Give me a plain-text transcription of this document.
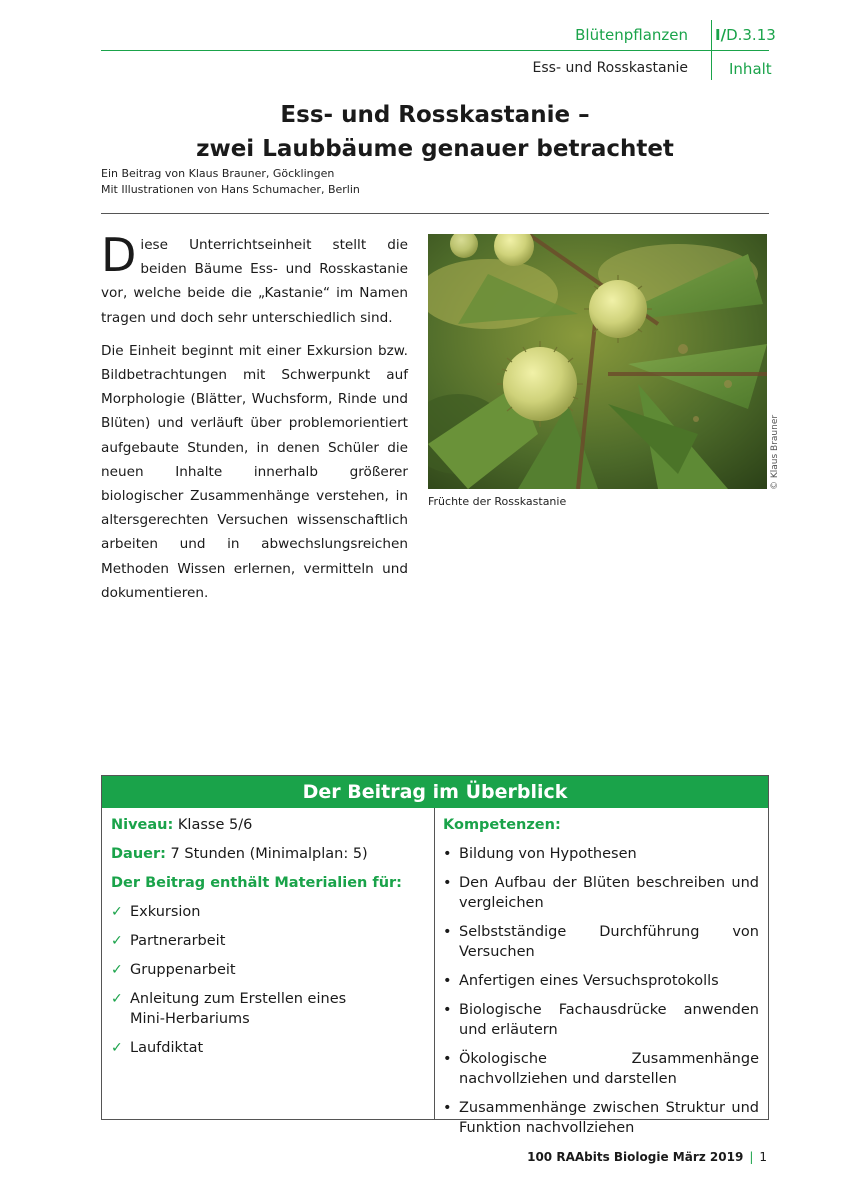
Blütenpflanzen I/D.3.13
Ess- und Rosskastanie	Inhalt
Ess- und Rosskastanie –
zwei Laubbäume genauer betrachtet
Ein Beitrag von Klaus Brauner, Göcklingen
Mit Illustrationen von Hans Schumacher, Berlin

Diese Unterrichtseinheit stellt die beiden Bäume Ess- und Rosskastanie vor, welche beide die „Kastanie“ im Namen tragen und doch sehr unterschiedlich sind.

Die Einheit beginnt mit einer Exkursion bzw. Bildbetrachtungen mit Schwerpunkt auf Morphologie (Blätter, Wuchsform, Rinde und Blüten) und verläuft über problemorientiert aufgebaute Stunden, in denen Schüler die neuen Inhalte innerhalb größerer biologischer Zusammenhänge verstehen, in altersgerechten Versuchen wissenschaftlich arbeiten und in abwechslungsreichen Methoden Wissen erlernen, vermitteln und dokumentieren.

Früchte der Rosskastanie
© Klaus Brauner
Der Beitrag im Überblick
Niveau: Klasse 5/6
Dauer: 7 Stunden (Minimalplan: 5)
Der Beitrag enthält Materialien für:
✓ Exkursion
✓ Partnerarbeit
✓ Gruppenarbeit
✓ Anleitung zum Erstellen eines Mini-Herbariums
✓ Laufdiktat
Kompetenzen:
• Bildung von Hypothesen
• Den Aufbau der Blüten beschreiben und vergleichen
• Selbstständige Durchführung von Versuchen
• Anfertigen eines Versuchsprotokolls
• Biologische Fachausdrücke anwenden und erläutern
• Ökologische Zusammenhänge nachvollziehen und darstellen
• Zusammenhänge zwischen Struktur und Funktion nachvollziehen
100 RAAbits Biologie März 2019 | 1
